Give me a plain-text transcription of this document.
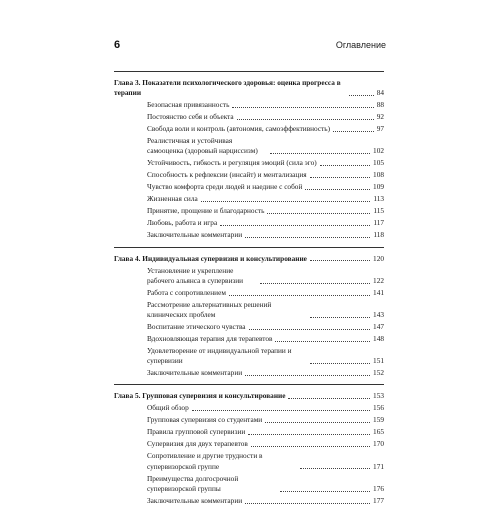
6	Оглавление
Глава 3. Показатели психологического здоровья: оценка прогресса в терапии	84
Безопасная привязанность	88
Постоянство себя и объекта	92
Свобода воли и контроль (автономия, самоэффективность)	97
Реалистичная и устойчивая самооценка (здоровый нарциссизм)	102
Устойчивость, гибкость и регуляция эмоций (сила эго)	105
Способность к рефлексии (инсайт) и ментализация	108
Чувство комфорта среди людей и наедине с собой	109
Жизненная сила	113
Принятие, прощение и благодарность	115
Любовь, работа и игра	117
Заключительные комментарии	118
Глава 4. Индивидуальная супервизия и консультирование	120
Установление и укрепление рабочего альянса в супервизии	122
Работа с сопротивлением	141
Рассмотрение альтернативных решений клинических проблем	143
Воспитание этического чувства	147
Вдохновляющая терапия для терапевтов	148
Удовлетворение от индивидуальной терапии и супервизии	151
Заключительные комментарии	152
Глава 5. Групповая супервизия и консультирование	153
Общий обзор	156
Групповая супервизия со студентами	159
Правила групповой супервизии	165
Супервизия для двух терапевтов	170
Сопротивление и другие трудности в супервизорской группе	171
Преимущества долгосрочной супервизорской группы	176
Заключительные комментарии	177
